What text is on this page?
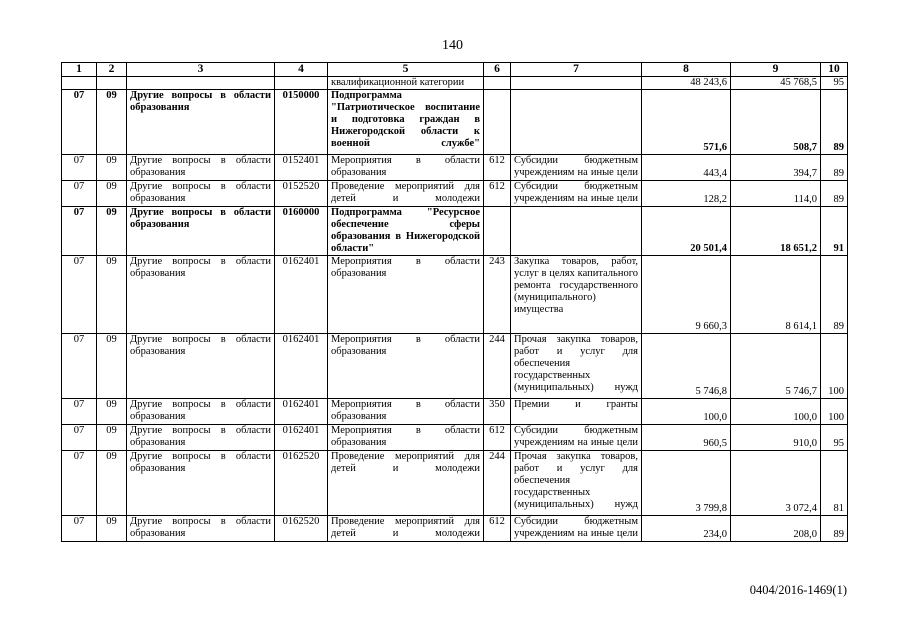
140
1	2	3	4	5	6	7	8	9	10
				квалификационной категории			48 243,6	45 768,5	95
07	09	Другие вопросы в области образования	0150000	Подпрограмма "Патриотическое воспитание и подготовка граждан в Нижегородской области к военной службе"			571,6	508,7	89
07	09	Другие вопросы в области образования	0152401	Мероприятия в области образования	612	Субсидии бюджетным учреждениям на иные цели	443,4	394,7	89
07	09	Другие вопросы в области образования	0152520	Проведение мероприятий для детей и молодежи	612	Субсидии бюджетным учреждениям на иные цели	128,2	114,0	89
07	09	Другие вопросы в области образования	0160000	Подпрограмма "Ресурсное обеспечение сферы образования в Нижегородской области"			20 501,4	18 651,2	91
07	09	Другие вопросы в области образования	0162401	Мероприятия в области образования	243	Закупка товаров, работ, услуг в целях капитального ремонта государственного (муниципального) имущества	9 660,3	8 614,1	89
07	09	Другие вопросы в области образования	0162401	Мероприятия в области образования	244	Прочая закупка товаров, работ и услуг для обеспечения государственных (муниципальных) нужд	5 746,8	5 746,7	100
07	09	Другие вопросы в области образования	0162401	Мероприятия в области образования	350	Премии и гранты	100,0	100,0	100
07	09	Другие вопросы в области образования	0162401	Мероприятия в области образования	612	Субсидии бюджетным учреждениям на иные цели	960,5	910,0	95
07	09	Другие вопросы в области образования	0162520	Проведение мероприятий для детей и молодежи	244	Прочая закупка товаров, работ и услуг для обеспечения государственных (муниципальных) нужд	3 799,8	3 072,4	81
07	09	Другие вопросы в области образования	0162520	Проведение мероприятий для детей и молодежи	612	Субсидии бюджетным учреждениям на иные цели	234,0	208,0	89
0404/2016-1469(1)
